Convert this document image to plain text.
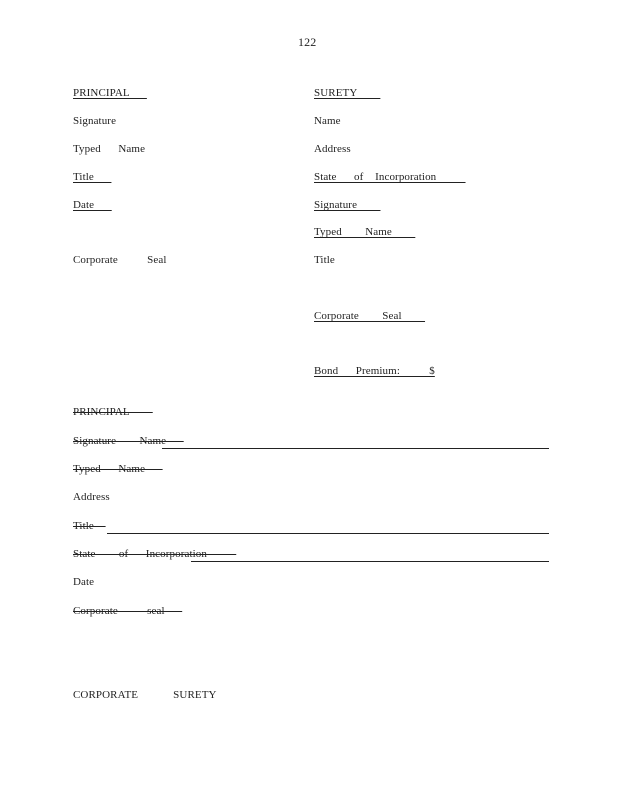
122
PRINCIPAL
Signature
Typed   Name
Title
Date
Corporate     Seal
SURETY
Name
Address
State   of  Incorporation
Signature
Typed    Name
Title
Corporate    Seal
Bond   Premium:     $
PRINCIPAL
Signature    Name
Typed   Name
Address
Title
State    of   Incorporation
Date
Corporate     seal
CORPORATE      SURETY
